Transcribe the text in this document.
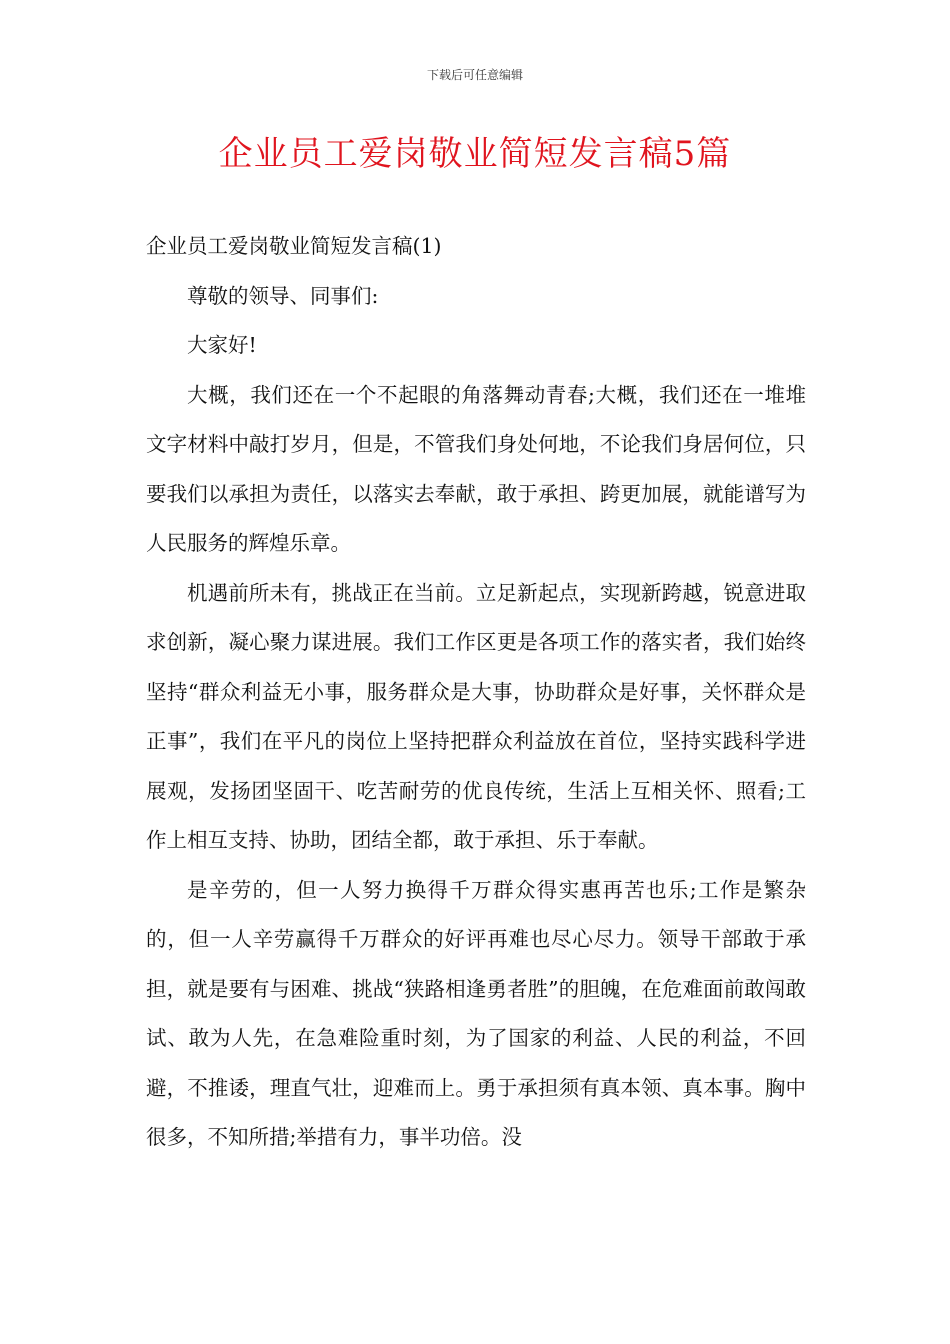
下载后可任意编辑
企业员工爱岗敬业简短发言稿5篇

企业员工爱岗敬业简短发言稿(1)

尊敬的领导、同事们:

大家好!

大概，我们还在一个不起眼的角落舞动青春;大概，我们还在一堆堆文字材料中敲打岁月，但是，不管我们身处何地，不论我们身居何位，只要我们以承担为责任，以落实去奉献，敢于承担、跨更加展，就能谱写为人民服务的辉煌乐章。

机遇前所未有，挑战正在当前。立足新起点，实现新跨越，锐意进取求创新，凝心聚力谋进展。我们工作区更是各项工作的落实者，我们始终坚持“群众利益无小事，服务群众是大事，协助群众是好事，关怀群众是正事”，我们在平凡的岗位上坚持把群众利益放在首位，坚持实践科学进展观，发扬团坚固干、吃苦耐劳的优良传统，生活上互相关怀、照看;工作上相互支持、协助，团结全都，敢于承担、乐于奉献。

是辛劳的，但一人努力换得千万群众得实惠再苦也乐;工作是繁杂的，但一人辛劳赢得千万群众的好评再难也尽心尽力。领导干部敢于承担，就是要有与困难、挑战“狭路相逢勇者胜”的胆魄，在危难面前敢闯敢试、敢为人先，在急难险重时刻，为了国家的利益、人民的利益，不回避，不推诿，理直气壮，迎难而上。勇于承担须有真本领、真本事。胸中很多，不知所措;举措有力，事半功倍。没
